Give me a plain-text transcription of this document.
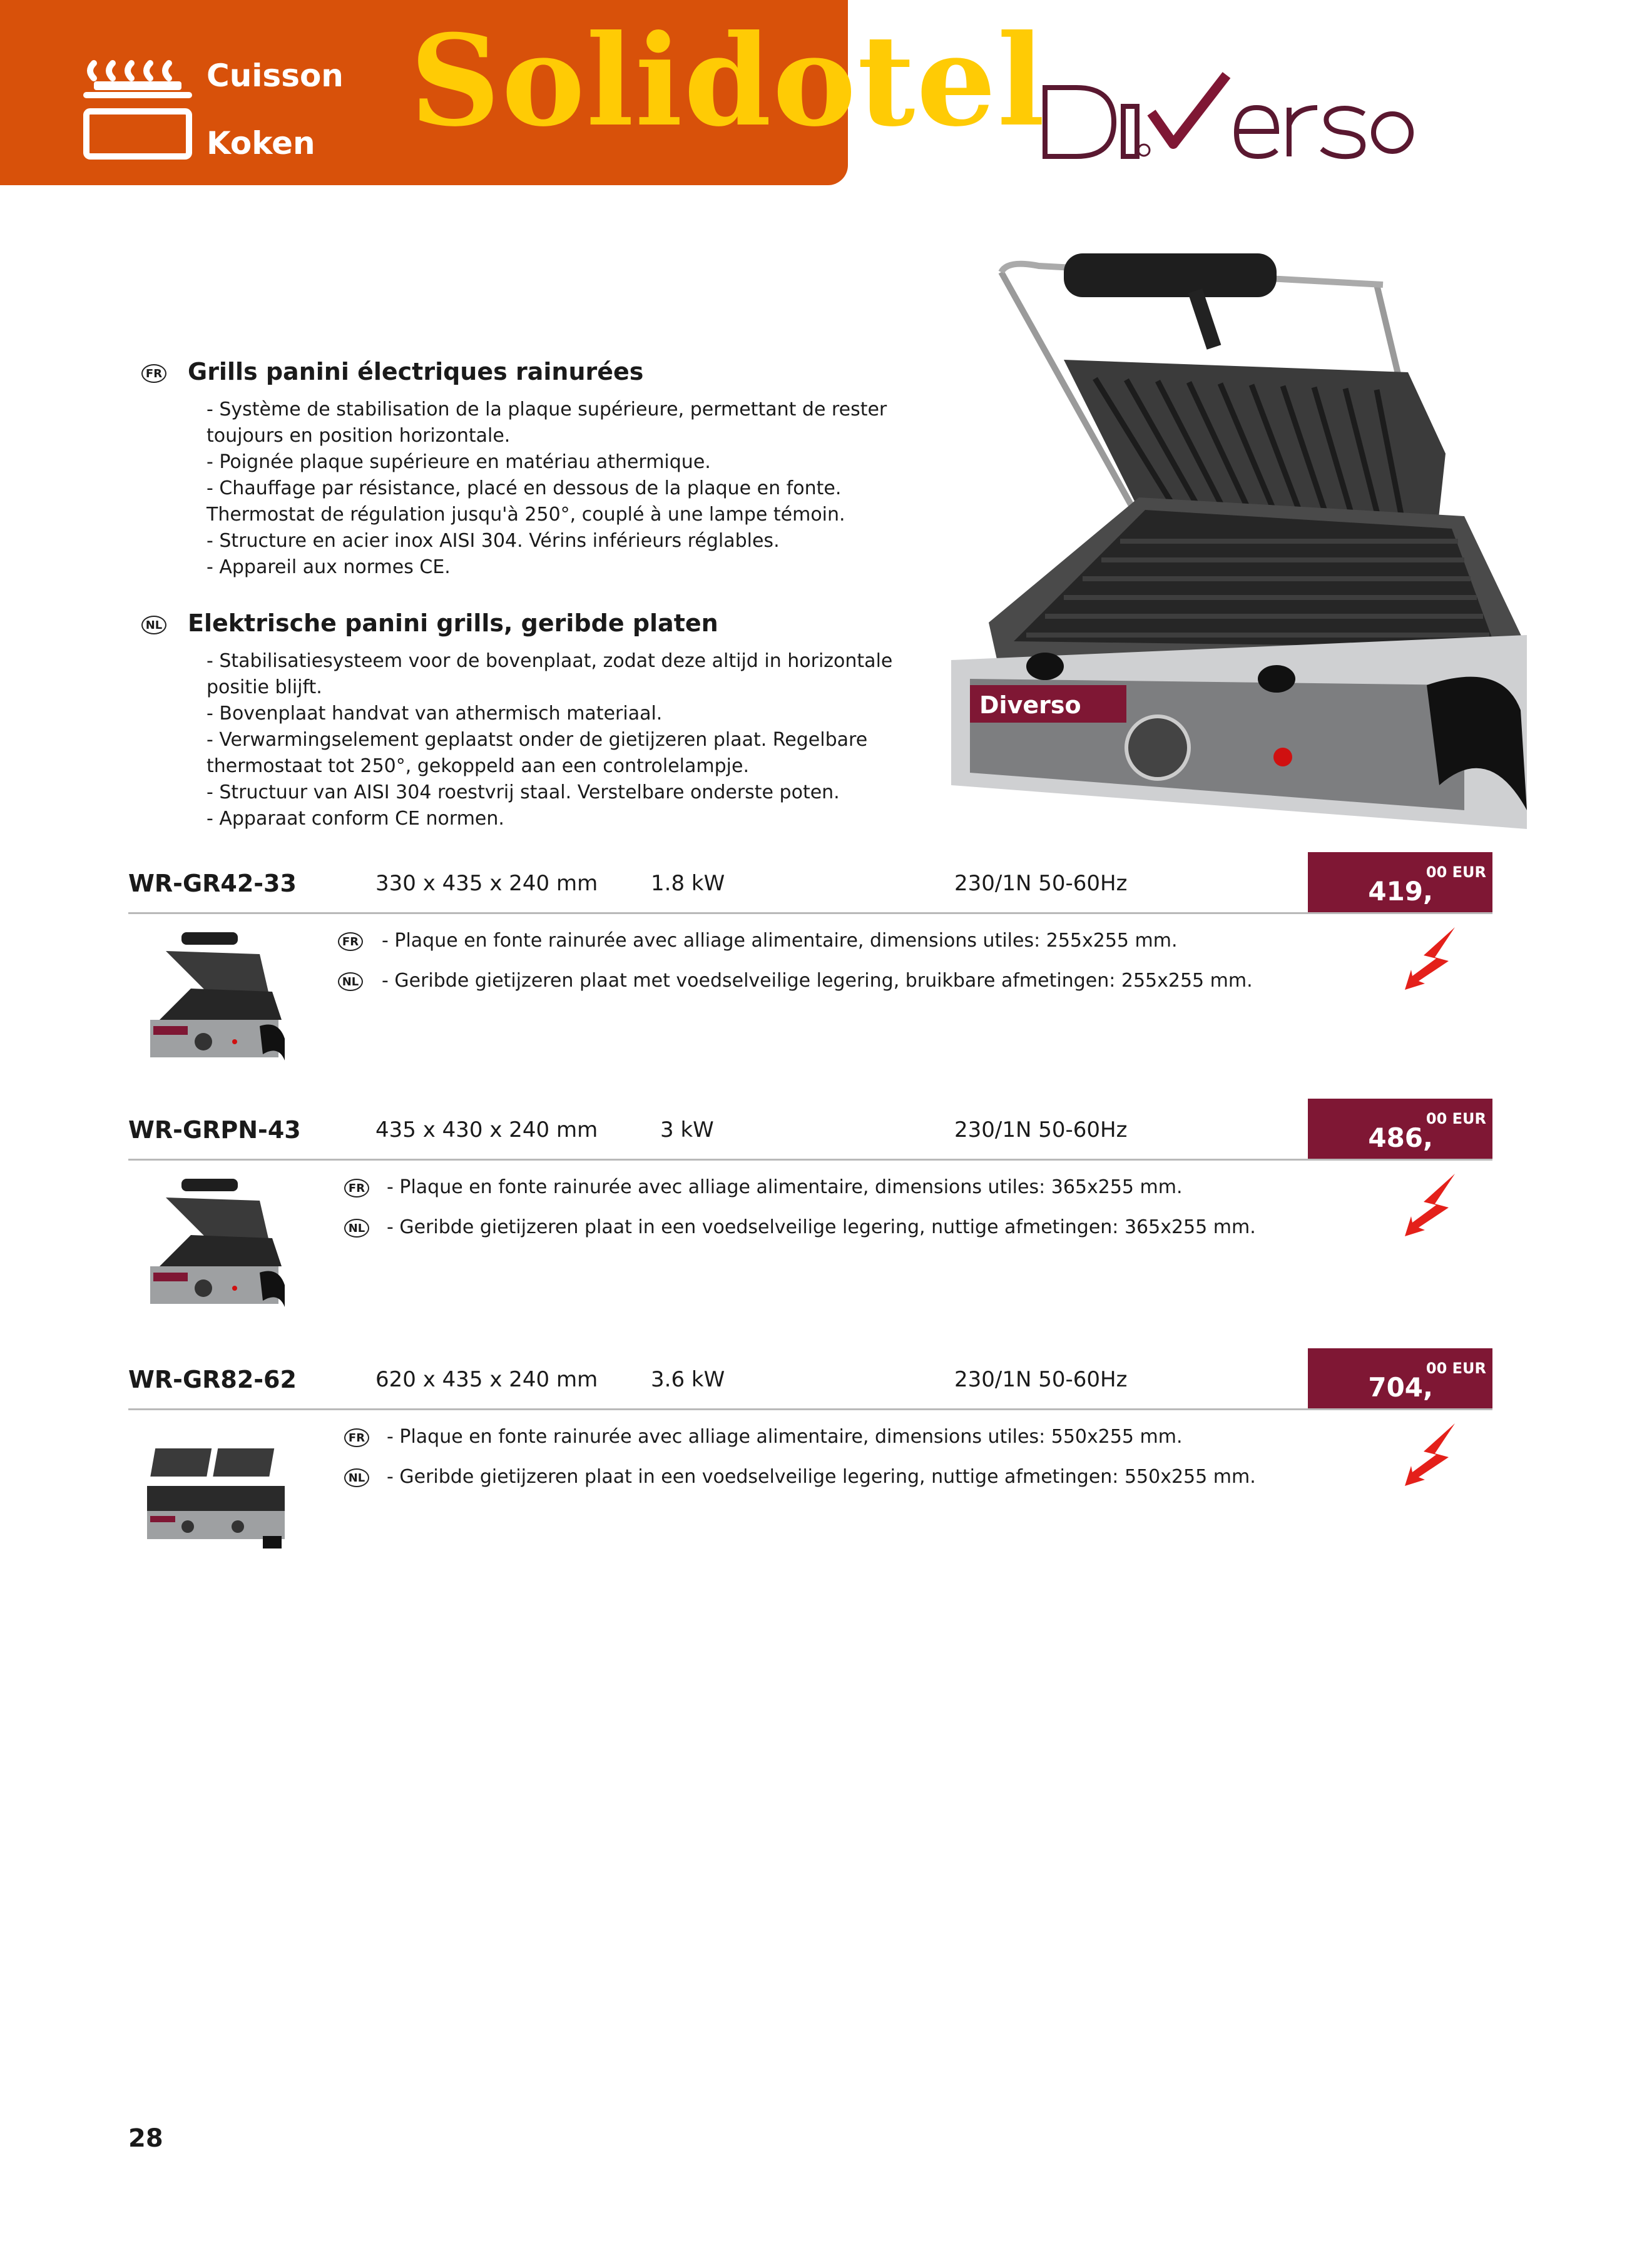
Cuisson
Koken Solidotel
FR Grills panini électriques rainurées
- Système de stabilisation de la plaque supérieure, permettant de rester
toujours en position horizontale.
- Poignée plaque supérieure en matériau athermique.
- Chauffage par résistance, placé en dessous de la plaque en fonte.
Thermostat de régulation jusqu'à 250°, couplé à une lampe témoin.
- Structure en acier inox AISI 304. Vérins inférieurs réglables.
- Appareil aux normes CE.
NL Elektrische panini grills, geribde platen
- Stabilisatiesysteem voor de bovenplaat, zodat deze altijd in horizontale
positie blijft.
- Bovenplaat handvat van athermisch materiaal.
- Verwarmingselement geplaatst onder de gietijzeren plaat. Regelbare
thermostaat tot 250°, gekoppeld aan een controlelampje.
- Structuur van AISI 304 roestvrij staal. Verstelbare onderste poten.
- Apparaat conform CE normen.
Diverso
WR-GR42-33	330 x 435 x 240 mm 1.8 kW	230/1N 50-60Hz	419,
00 EUR
FR - Plaque en fonte rainurée avec alliage alimentaire, dimensions utiles: 255x255 mm.
NL - Geribde gietijzeren plaat met voedselveilige legering, bruikbare afmetingen: 255x255 mm.
WR-GRPN-43	435 x 430 x 240 mm	3 kW	230/1N 50-60Hz	486,
00 EUR
FR - Plaque en fonte rainurée avec alliage alimentaire, dimensions utiles: 365x255 mm.
NL - Geribde gietijzeren plaat in een voedselveilige legering, nuttige afmetingen: 365x255 mm.
WR-GR82-62	620 x 435 x 240 mm 3.6 kW	230/1N 50-60Hz	704,
00 EUR
FR - Plaque en fonte rainurée avec alliage alimentaire, dimensions utiles: 550x255 mm.
NL - Geribde gietijzeren plaat in een voedselveilige legering, nuttige afmetingen: 550x255 mm.
28
